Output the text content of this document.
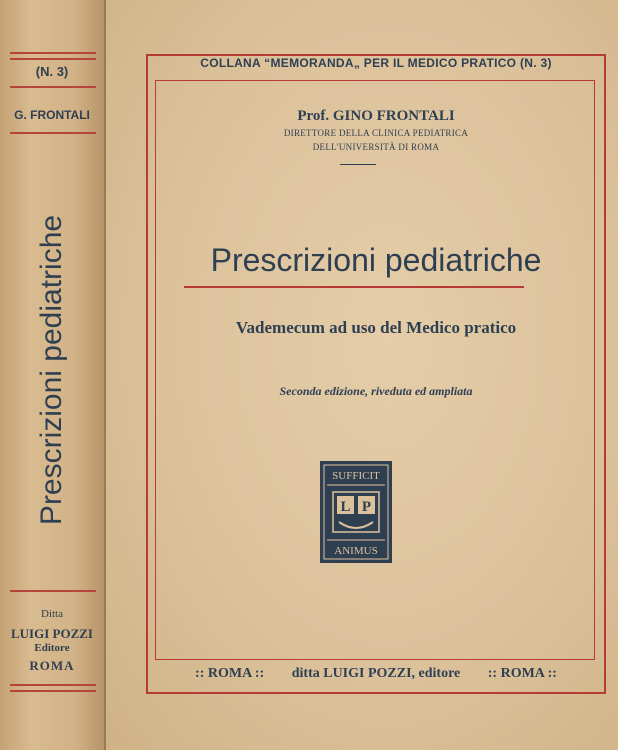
(N. 3)
G. FRONTALI
Prescrizioni pediatriche
Ditta
LUIGI POZZI
Editore
ROMA
COLLANA “MEMORANDA„ PER IL MEDICO PRATICO (N. 3)
Prof. GINO FRONTALI
DIRETTORE DELLA CLINICA PEDIATRICA
DELL'UNIVERSITÀ DI ROMA
Prescrizioni pediatriche
Vademecum ad uso del Medico pratico
Seconda edizione, riveduta ed ampliata
SUFFICIT
L P
ANIMUS
:: ROMA :: ditta LUIGI POZZI, editore :: ROMA ::
